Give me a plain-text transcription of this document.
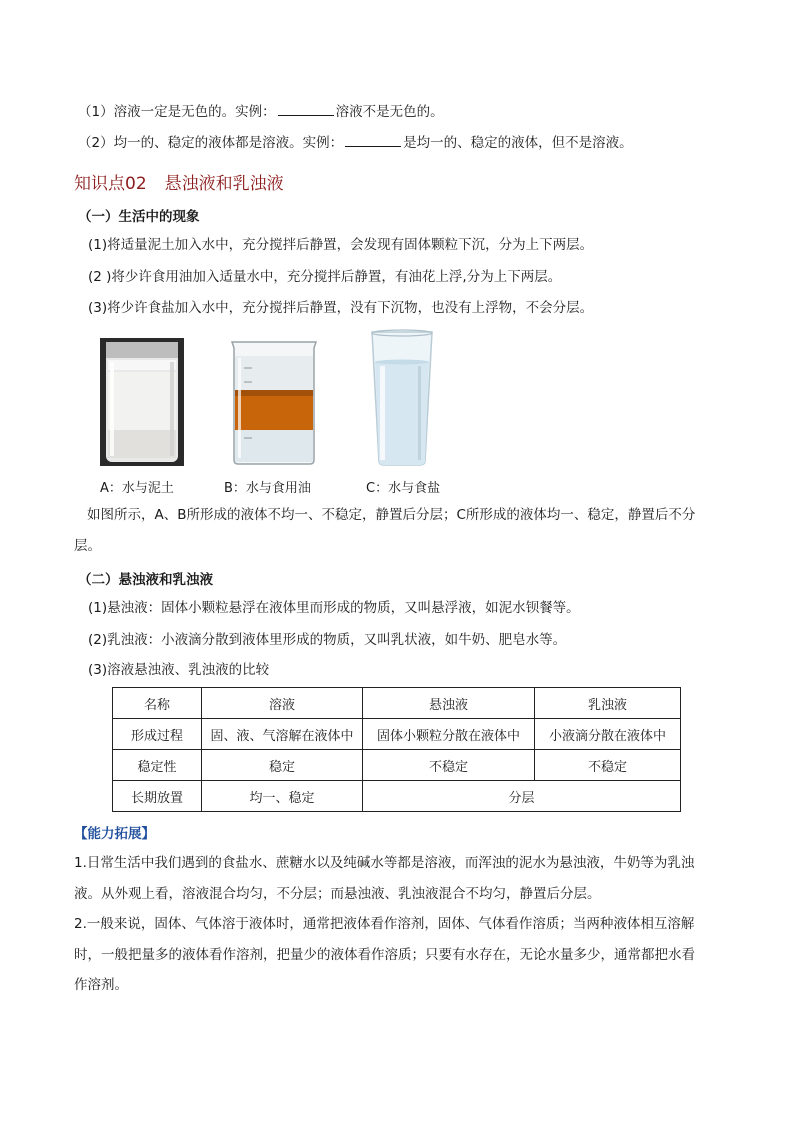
（1）溶液一定是无色的。实例：	溶液不是无色的。
（2）均一的、稳定的液体都是溶液。实例：	是均一的、稳定的液体，但不是溶液。
知识点02 悬浊液和乳浊液
（一）生活中的现象
(1)将适量泥土加入水中，充分搅拌后静置，会发现有固体颗粒下沉，分为上下两层。
(2 )将少许食用油加入适量水中，充分搅拌后静置，有油花上浮,分为上下两层。
(3)将少许食盐加入水中，充分搅拌后静置，没有下沉物，也没有上浮物，不会分层。
A：水与泥土	B：水与食用油	C：水与食盐

如图所示，A、B所形成的液体不均一、不稳定，静置后分层；C所形成的液体均一、稳定，静置后不分

层。

（二）悬浊液和乳浊液
(1)悬浊液：固体小颗粒悬浮在液体里而形成的物质，又叫悬浮液，如泥水钡餐等。
(2)乳浊液：小液滴分散到液体里形成的物质，又叫乳状液，如牛奶、肥皂水等。
(3)溶液悬浊液、乳浊液的比较
名称	溶液	悬浊液	乳浊液
形成过程	固、液、气溶解在液体中	固体小颗粒分散在液体中	小液滴分散在液体中
稳定性	稳定	不稳定	不稳定
长期放置	均一、稳定	分层	
【能力拓展】

1.日常生活中我们遇到的食盐水、蔗糖水以及纯碱水等都是溶液，而浑浊的泥水为悬浊液，牛奶等为乳浊

液。从外观上看，溶液混合均匀，不分层；而悬浊液、乳浊液混合不均匀，静置后分层。

2.一般来说，固体、气体溶于液体时，通常把液体看作溶剂，固体、气体看作溶质；当两种液体相互溶解

时，一般把量多的液体看作溶剂，把量少的液体看作溶质；只要有水存在，无论水量多少，通常都把水看

作溶剂。
